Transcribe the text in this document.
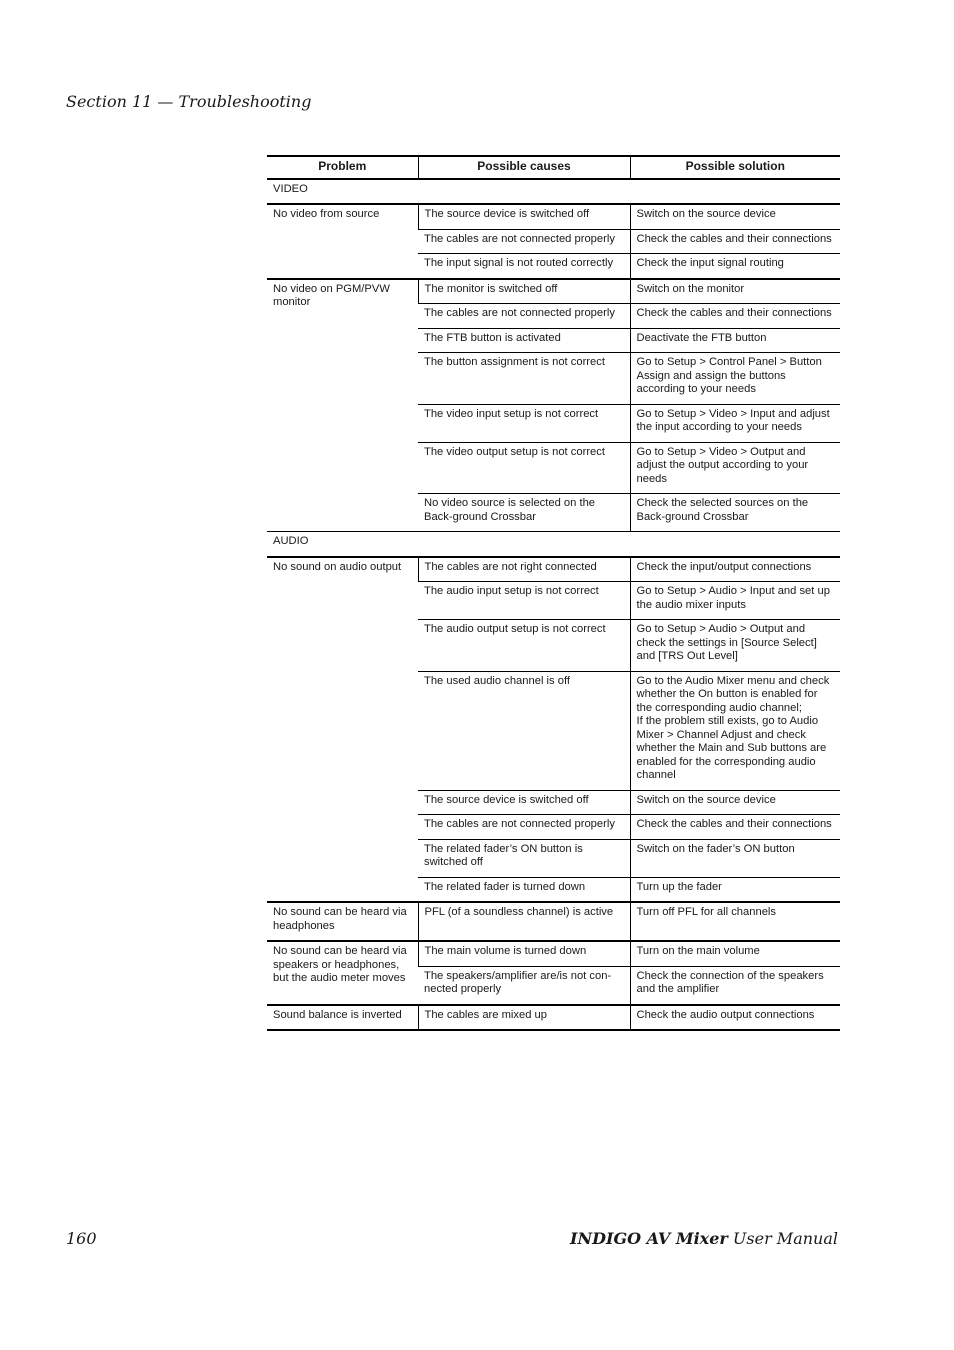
Section 11 — Troubleshooting
Problem	Possible causes	Possible solution
VIDEO		
No video from source	The source device is switched off	Switch on the source device
	The cables are not connected properly	Check the cables and their connections
	The input signal is not routed correctly	Check the input signal routing
No video on PGM/PVW monitor	The monitor is switched off	Switch on the monitor
	The cables are not connected properly	Check the cables and their connections
	The FTB button is activated	Deactivate the FTB button
	The button assignment is not correct	Go to Setup > Control Panel > Button Assign and assign the buttons according to your needs
	The video input setup is not correct	Go to Setup > Video > Input and adjust the input according to your needs
	The video output setup is not correct	Go to Setup > Video > Output and adjust the output according to your needs
	No video source is selected on the Back-ground Crossbar	Check the selected sources on the Back-ground Crossbar
AUDIO		
No sound on audio output	The cables are not right connected	Check the input/output connections
	The audio input setup is not correct	Go to Setup > Audio > Input and set up the audio mixer inputs
	The audio output setup is not correct	Go to Setup > Audio > Output and check the settings in [Source Select] and [TRS Out Level]
	The used audio channel is off	Go to the Audio Mixer menu and check whether the On button is enabled for the corresponding audio channel;
If the problem still exists, go to Audio Mixer > Channel Adjust and check whether the Main and Sub buttons are enabled for the corresponding audio channel
	The source device is switched off	Switch on the source device
	The cables are not connected properly	Check the cables and their connections
	The related fader’s ON button is switched off	Switch on the fader’s ON button
	The related fader is turned down	Turn up the fader
No sound can be heard via headphones	PFL (of a soundless channel) is active	Turn off PFL for all channels
No sound can be heard via speakers or headphones, but the audio meter moves	The main volume is turned down	Turn on the main volume
	The speakers/amplifier are/is not con-nected properly	Check the connection of the speakers and the amplifier
Sound balance is inverted	The cables are mixed up	Check the audio output connections
160	INDIGO AV Mixer User Manual
